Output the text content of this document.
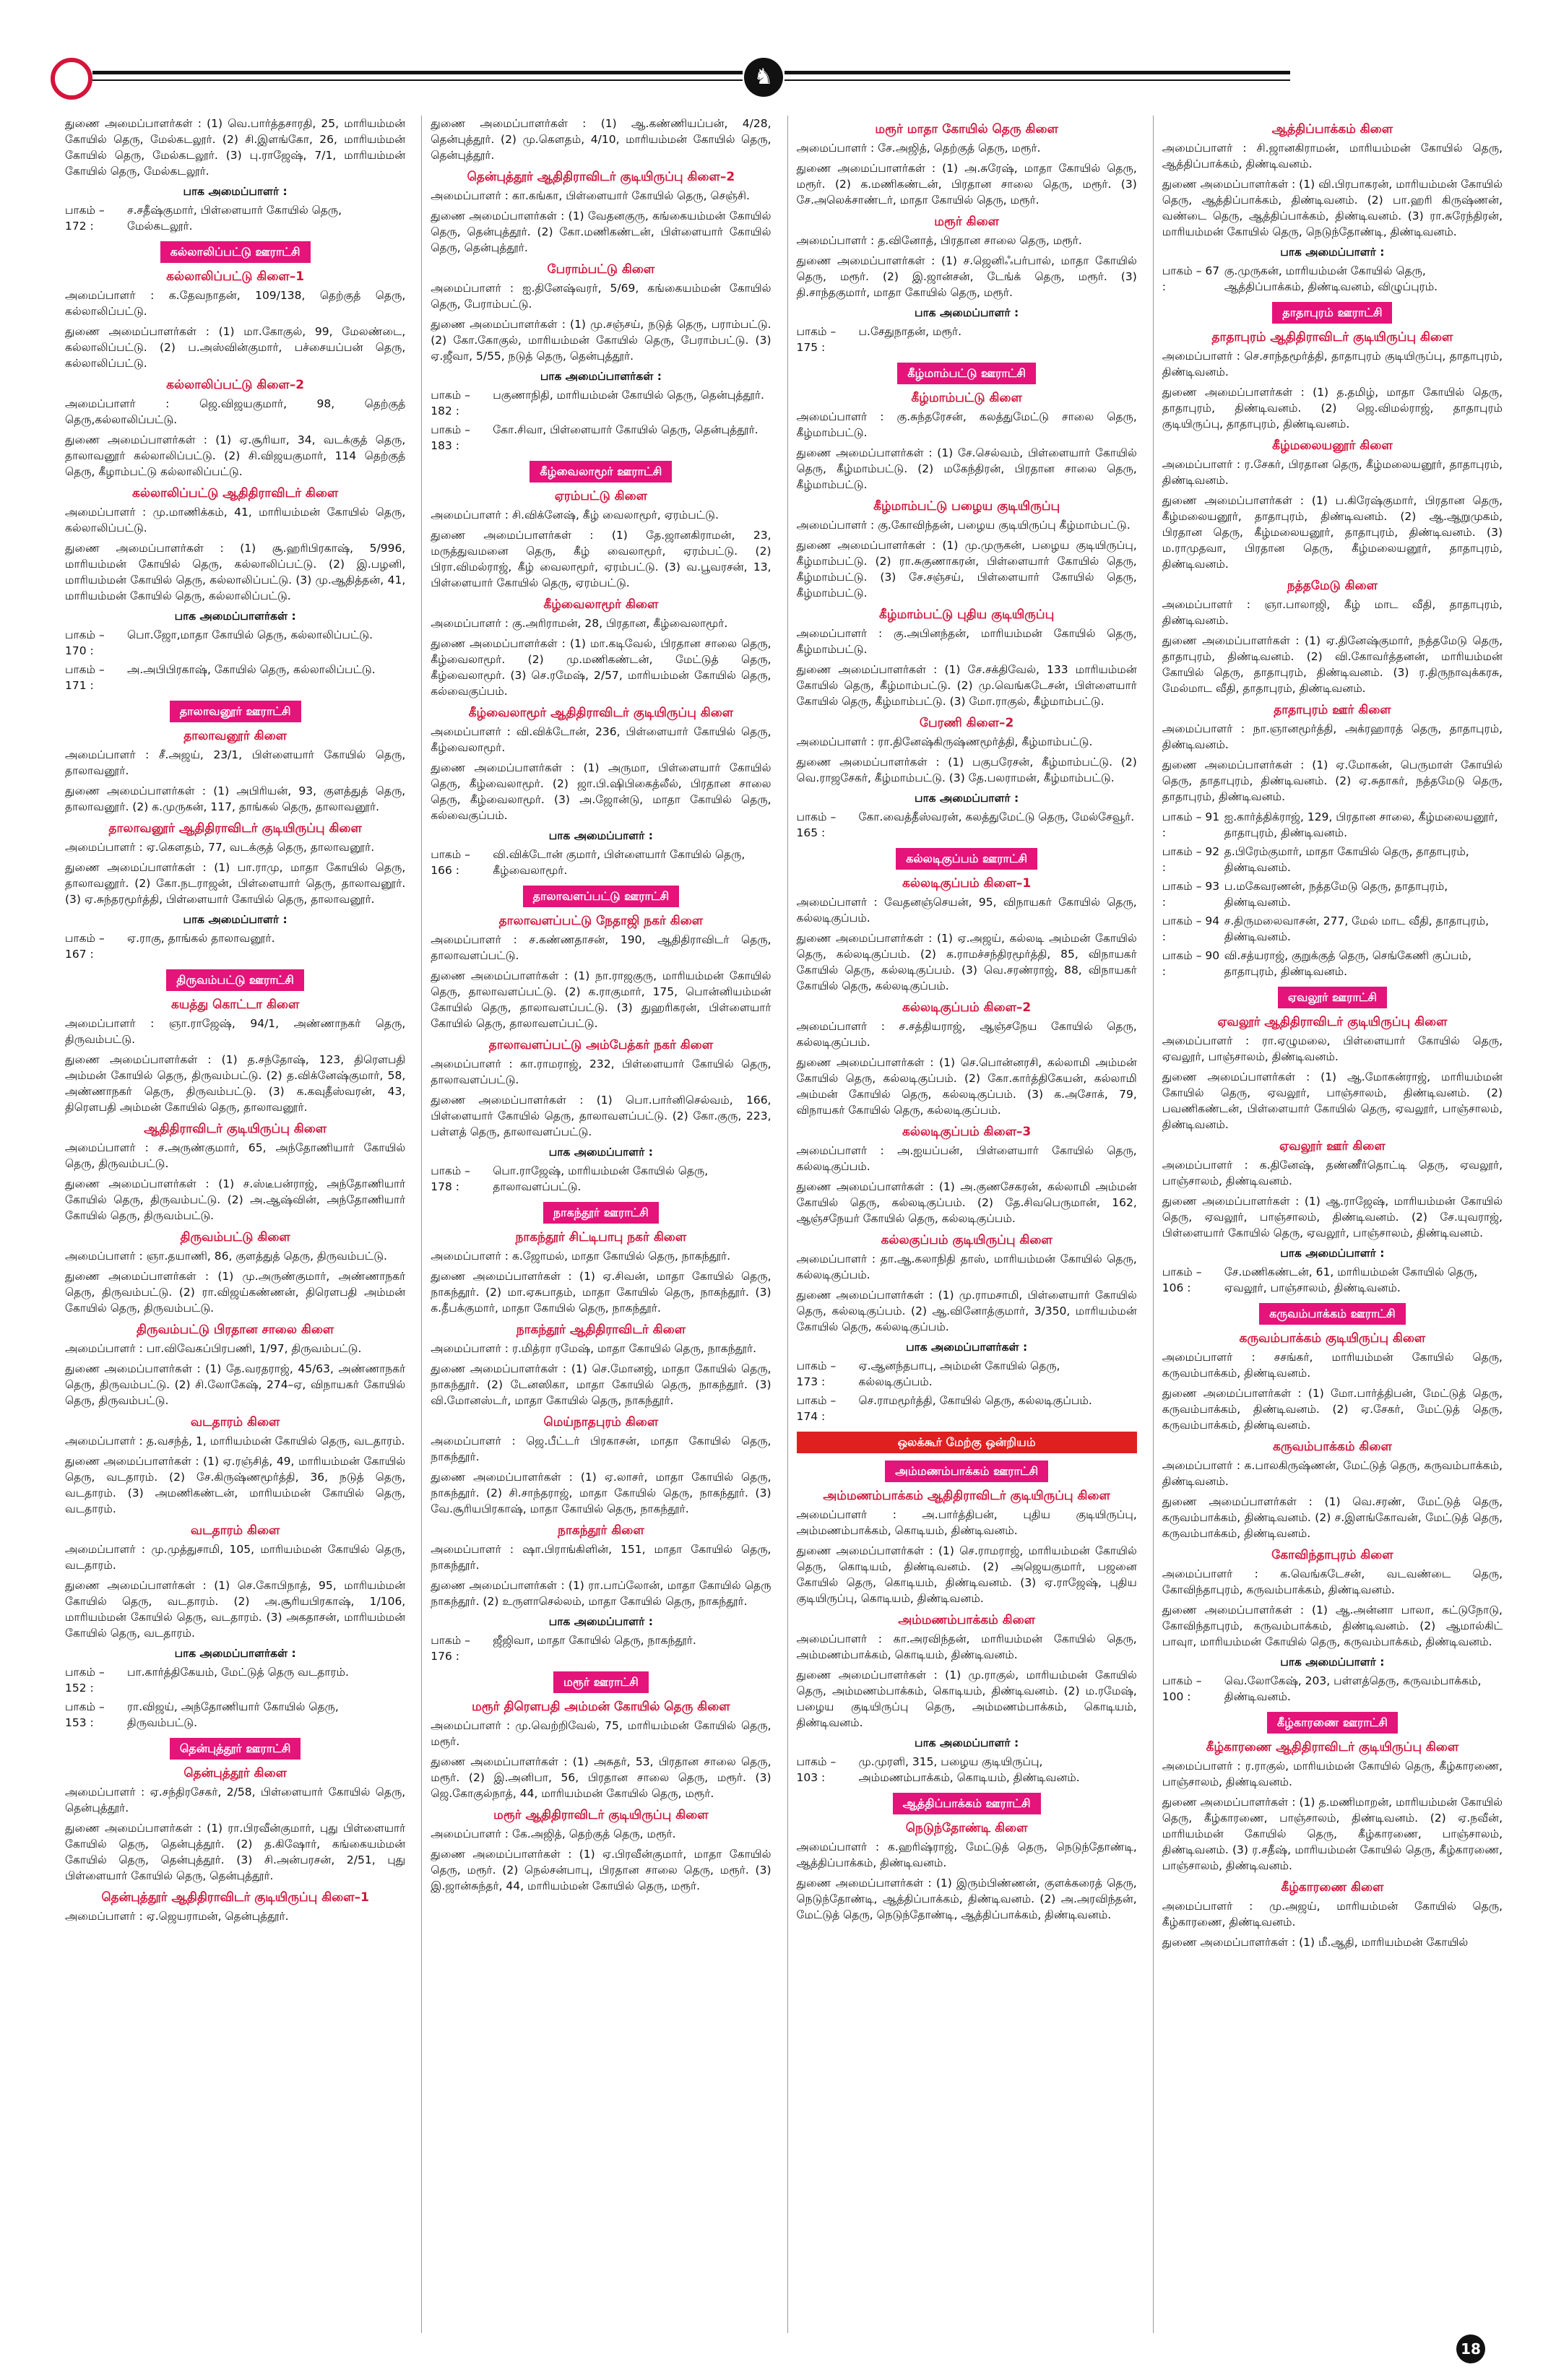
♞

துணை அமைப்பாளர்கள் : (1) வெ.பார்த்தசாரதி, 25, மாரியம்மன் கோயில் தெரு, மேல்கடலூர். (2) சி.இளங்கோ, 26, மாரியம்மன் கோயில் தெரு, மேல்கடலூர். (3) பு.ராஜேஷ், 7/1, மாரியம்மன் கோயில் தெரு, மேல்கடலூர்.

பாக அமைப்பாளர் :
பாகம் – 172 :
ச.சதீஷ்குமார், பிள்ளையார் கோயில் தெரு, மேல்கடலூர்.
கல்லாலிப்பட்டு ஊராட்சி
கல்லாலிப்பட்டு கிளை–1

அமைப்பாளர் : க.தேவநாதன், 109/138, தெற்குத் தெரு, கல்லாலிப்பட்டு.

துணை அமைப்பாளர்கள் : (1) மா.கோகுல், 99, மேலண்டை, கல்லாலிப்பட்டு. (2) ப.அஸ்வின்குமார், பச்சையப்பன் தெரு, கல்லாலிப்பட்டு.

கல்லாலிப்பட்டு கிளை–2

அமைப்பாளர் : ஜெ.விஜயகுமார், 98, தெற்குத் தெரு,கல்லாலிப்பட்டு.

துணை அமைப்பாளர்கள் : (1) ஏ.சூரியா, 34, வடக்குத் தெரு, தாலாவனூர் கல்லாலிப்பட்டு. (2) சி.விஜயகுமார், 114 தெற்குத் தெரு, கீழாம்பட்டு கல்லாலிப்பட்டு.

கல்லாலிப்பட்டு ஆதிதிராவிடர் கிளை

அமைப்பாளர் : மு.மாணிக்கம், 41, மாரியம்மன் கோயில் தெரு, கல்லாலிப்பட்டு.

துணை அமைப்பாளர்கள் : (1) சூ.ஹரிபிரகாஷ், 5/996, மாரியம்மன் கோயில் தெரு, கல்லாலிப்பட்டு. (2) இ.பழனி, மாரியம்மன் கோயில் தெரு, கல்லாலிப்பட்டு. (3) மு.ஆதித்தன், 41, மாரியம்மன் கோயில் தெரு, கல்லாலிப்பட்டு.

பாக அமைப்பாளர்கள் :
பாகம் – 170 :
பொ.ஜோ,மாதா கோயில் தெரு, கல்லாலிப்பட்டு.
பாகம் – 171 :
அ.அபிபிரகாஷ், கோயில் தெரு, கல்லாலிப்பட்டு.
தாலாவனூர் ஊராட்சி
தாலாவனூர் கிளை

அமைப்பாளர் : சீ.அஜய், 23/1, பிள்ளையார் கோயில் தெரு, தாலாவனூர்.

துணை அமைப்பாளர்கள் : (1) அபிரியன், 93, குளத்துத் தெரு, தாலாவனூர். (2) க.முருகன், 117, தாங்கல் தெரு, தாலாவனூர்.

தாலாவனூர் ஆதிதிராவிடர் குடியிருப்பு கிளை

அமைப்பாளர் : ஏ.கௌதம், 77, வடக்குத் தெரு, தாலாவனூர்.

துணை அமைப்பாளர்கள் : (1) பா.ராமு, மாதா கோயில் தெரு, தாலாவனூர். (2) கோ.நடராஜன், பிள்ளையார் தெரு, தாலாவனூர். (3) ஏ.சுந்தரமூர்த்தி, பிள்ளையார் கோயில் தெரு, தாலாவனூர்.

பாக அமைப்பாளர் :
பாகம் – 167 :
ஏ.ராகு, தாங்கல் தாலாவனூர்.
திருவம்பட்டு ஊராட்சி
கயத்து கொட்டா கிளை

அமைப்பாளர் : ஞா.ராஜேஷ், 94/1, அண்ணாநகர் தெரு, திருவம்பட்டு.

துணை அமைப்பாளர்கள் : (1) த.சந்தோஷ், 123, திரௌபதி அம்மன் கோயில் தெரு, திருவம்பட்டு. (2) த.விக்னேஷ்குமார், 58, அண்ணாநகர் தெரு, திருவம்பட்டு. (3) க.கவுதீஸ்வரன், 43, திரௌபதி அம்மன் கோயில் தெரு, தாலாவனூர்.

ஆதிதிராவிடர் குடியிருப்பு கிளை

அமைப்பாளர் : ச.அருண்குமார், 65, அந்தோணியார் கோயில் தெரு, திருவம்பட்டு.

துணை அமைப்பாளர்கள் : (1) ச.ஸ்டீபன்ராஜ், அந்தோணியார் கோயில் தெரு, திருவம்பட்டு. (2) அ.ஆஷ்வின், அந்தோணியார் கோயில் தெரு, திருவம்பட்டு.

திருவம்பட்டு கிளை

அமைப்பாளர் : ஞா.தயாணி, 86, குளத்துத் தெரு, திருவம்பட்டு.

துணை அமைப்பாளர்கள் : (1) மு.அருண்குமார், அண்ணாநகர் தெரு, திருவம்பட்டு. (2) ரா.விஜய்கண்ணன், திரௌபதி அம்மன் கோயில் தெரு, திருவம்பட்டு.

திருவம்பட்டு பிரதான சாலை கிளை

அமைப்பாளர் : பா.விவேகப்பிரபணி, 1/97, திருவம்பட்டு.

துணை அமைப்பாளர்கள் : (1) தே.வரதராஜ், 45/63, அண்ணாநகர் தெரு, திருவம்பட்டு. (2) சி.லோகேஷ், 274–ஏ, விநாயகர் கோயில் தெரு, திருவம்பட்டு.

வடதாரம் கிளை

அமைப்பாளர் : த.வசந்த், 1, மாரியம்மன் கோயில் தெரு, வடதாரம்.

துணை அமைப்பாளர்கள் : (1) ஏ.ரஞ்சித், 49, மாரியம்மன் கோயில் தெரு, வடதாரம். (2) சே.கிருஷ்ணமூர்த்தி, 36, நடுத் தெரு, வடதாரம். (3) அமணிகண்டன், மாரியம்மன் கோயில் தெரு, வடதாரம்.

வடதாரம் கிளை

அமைப்பாளர் : மு.முத்துசாமி, 105, மாரியம்மன் கோயில் தெரு, வடதாரம்.

துணை அமைப்பாளர்கள் : (1) செ.கோபிநாத், 95, மாரியம்மன் கோயில் தெரு, வடதாரம். (2) அ.சூரியபிரகாஷ், 1/106, மாரியம்மன் கோயில் தெரு, வடதாரம். (3) அகதாசன், மாரியம்மன் கோயில் தெரு, வடதாரம்.

பாக அமைப்பாளர்கள் :
பாகம் – 152 :
பா.கார்த்திகேயம், மேட்டுத் தெரு வடதாரம்.
பாகம் – 153 :
ரா.விஜய், அந்தோணியார் கோயில் தெரு, திருவம்பட்டு.
தென்புத்தூர் ஊராட்சி
தென்புத்தூர் கிளை

அமைப்பாளர் : ஏ.சந்திரசேகர், 2/58, பிள்ளையார் கோயில் தெரு, தென்புத்தூர்.

துணை அமைப்பாளர்கள் : (1) ரா.பிரவீன்குமார், புது பிள்ளையார் கோயில் தெரு, தென்புத்தூர். (2) த.கிஷோர், கங்கையம்மன் கோயில் தெரு, தென்புத்தூர். (3) சி.அன்பரசன், 2/51, புது பிள்ளையார் கோயில் தெரு, தென்புத்தூர்.

தென்புத்தூர் ஆதிதிராவிடர் குடியிருப்பு கிளை–1

அமைப்பாளர் : ஏ.ஜெயராமன், தென்புத்தூர்.

துணை அமைப்பாளர்கள் : (1) ஆ.கண்ணியப்பன், 4/28, தென்புத்தூர். (2) மு.கௌதம், 4/10, மாரியம்மன் கோயில் தெரு, தென்புத்தூர்.

தென்புத்தூர் ஆதிதிராவிடர் குடியிருப்பு கிளை–2

அமைப்பாளர் : கா.கங்கா, பிள்ளையார் கோயில் தெரு, செஞ்சி.

துணை அமைப்பாளர்கள் : (1) வேதனகுரு, கங்கையம்மன் கோயில் தெரு, தென்புத்தூர். (2) கோ.மணிகண்டன், பிள்ளையார் கோயில் தெரு, தென்புத்தூர்.

பேராம்பட்டு கிளை

அமைப்பாளர் : ஐ.தினேஷ்வரர், 5/69, கங்கையம்மன் கோயில் தெரு, பேராம்பட்டு.

துணை அமைப்பாளர்கள் : (1) மு.சஞ்சய், நடுத் தெரு, பராம்பட்டு. (2) கோ.கோகுல், மாரியம்மன் கோயில் தெரு, பேராம்பட்டு. (3) ஏ.ஜீவா, 5/55, நடுத் தெரு, தென்புத்தூர்.

பாக அமைப்பாளர்கள் :
பாகம் – 182 :
பகுணாநிதி, மாரியம்மன் கோயில் தெரு, தென்புத்தூர்.
பாகம் – 183 :
கோ.சிவா, பிள்ளையார் கோயில் தெரு, தென்புத்தூர்.
கீழ்வைலாமூர் ஊராட்சி
ஏரம்பட்டு கிளை

அமைப்பாளர் : சி.விக்னேஷ், கீழ் வைலாமூர், ஏரம்பட்டு.

துணை அமைப்பாளர்கள் : (1) தே.ஜானகிராமன், 23, மருத்துவமனை தெரு, கீழ் வைலாமூர், ஏரம்பட்டு. (2) பிரா.விமல்ராஜ், கீழ் வைலாமூர், ஏரம்பட்டு. (3) வ.பூவரசன், 13, பிள்ளையார் கோயில் தெரு, ஏரம்பட்டு.

கீழ்வைலாமூர் கிளை

அமைப்பாளர் : கு.அரிராமன், 28, பிரதான, கீழ்வைலாமூர்.

துணை அமைப்பாளர்கள் : (1) மா.கடிவேல், பிரதான சாலை தெரு, கீழ்வைலாமூர். (2) மு.மணிகண்டன், மேட்டுத் தெரு, கீழ்வைலாமூர். (3) செ.ரமேஷ், 2/57, மாரியம்மன் கோயில் தெரு, கல்வைகுப்பம்.

கீழ்வைலாமூர் ஆதிதிராவிடர் குடியிருப்பு கிளை

அமைப்பாளர் : வி.விக்டோன், 236, பிள்ளையார் கோயில் தெரு, கீழ்வைலாமூர்.

துணை அமைப்பாளர்கள் : (1) அருமா, பிள்ளையார் கோயில் தெரு, கீழ்வைலாமூர். (2) ஜா.பி.ஷிபிகைத்லீல், பிரதான சாலை தெரு, கீழ்வைலாமூர். (3) அ.ஜோன்டு, மாதா கோயில் தெரு, கல்வைகுப்பம்.

பாக அமைப்பாளர் :
பாகம் – 166 :
வி.விக்டோன் குமார், பிள்ளையார் கோயில் தெரு, கீழ்வைலாமூர்.
தாலாவளப்பட்டு ஊராட்சி
தாலாவளப்பட்டு நேதாஜி நகர் கிளை

அமைப்பாளர் : ச.கண்ணதாசன், 190, ஆதிதிராவிடர் தெரு, தாலாவளப்பட்டு.

துணை அமைப்பாளர்கள் : (1) நா.ராஜகுரு, மாரியம்மன் கோயில் தெரு, தாலாவளப்பட்டு. (2) க.ராகுமார், 175, பொன்னியம்மன் கோயில் தெரு, தாலாவளப்பட்டு. (3) துஹரிகரன், பிள்ளையார் கோயில் தெரு, தாலாவளப்பட்டு.

தாலாவளப்பட்டு அம்பேத்கர் நகர் கிளை

அமைப்பாளர் : கா.ராமராஜ், 232, பிள்ளையார் கோயில் தெரு, தாலாவளப்பட்டு.

துணை அமைப்பாளர்கள் : (1) பொ.பார்னிசெல்வம், 166, பிள்ளையார் கோயில் தெரு, தாலாவளப்பட்டு. (2) கோ.குரு, 223, பள்ளத் தெரு, தாலாவளப்பட்டு.

பாக அமைப்பாளர் :
பாகம் – 178 :
பொ.ராஜேஷ், மாரியம்மன் கோயில் தெரு, தாலாவளப்பட்டு.
நாகந்தூர் ஊராட்சி
நாகந்தூர் சிட்டிபாபு நகர் கிளை

அமைப்பாளர் : க.ஜோமல், மாதா கோயில் தெரு, நாகந்தூர்.

துணை அமைப்பாளர்கள் : (1) ஏ.சிவன், மாதா கோயில் தெரு, நாகந்தூர். (2) மா.ஏசுபாதம், மாதா கோயில் தெரு, நாகந்தூர். (3) க.தீபக்குமார், மாதா கோயில் தெரு, நாகந்தூர்.

நாகந்தூர் ஆதிதிராவிடர் கிளை

அமைப்பாளர் : ர.மித்ரா ரமேஷ், மாதா கோயில் தெரு, நாகந்தூர்.

துணை அமைப்பாளர்கள் : (1) செ.மோனஜ், மாதா கோயில் தெரு, நாகந்தூர். (2) டேனஸிகா, மாதா கோயில் தெரு, நாகந்தூர். (3) வி.மோனஸ்டர், மாதா கோயில் தெரு, நாகந்தூர்.

மெய்நாதபுரம் கிளை

அமைப்பாளர் : ஜெ.பீட்டர் பிரகாசன், மாதா கோயில் தெரு, நாகந்தூர்.

துணை அமைப்பாளர்கள் : (1) ஏ.லாசர், மாதா கோயில் தெரு, நாகந்தூர். (2) சி.சாந்தராஜ், மாதா கோயில் தெரு, நாகந்தூர். (3) வே.சூரியபிரகாஷ், மாதா கோயில் தெரு, நாகந்தூர்.

நாகந்தூர் கிளை

அமைப்பாளர் : ஷா.பிராங்கிளின், 151, மாதா கோயில் தெரு, நாகந்தூர்.

துணை அமைப்பாளர்கள் : (1) ரா.பாப்லோன், மாதா கோயில் தெரு நாகந்தூர். (2) உருளாசெல்லம், மாதா கோயில் தெரு, நாகந்தூர்.

பாக அமைப்பாளர் :
பாகம் – 176 :
ஜீஜிவா, மாதா கோயில் தெரு, நாகந்தூர்.
மரூர் ஊராட்சி
மரூர் திரௌபதி அம்மன் கோயில் தெரு கிளை

அமைப்பாளர் : மு.வெற்றிவேல், 75, மாரியம்மன் கோயில் தெரு, மரூர்.

துணை அமைப்பாளர்கள் : (1) அசுதர், 53, பிரதான சாலை தெரு, மரூர். (2) இ.அனிபா, 56, பிரதான சாலை தெரு, மரூர். (3) ஜெ.கோகுல்நாத், 44, மாரியம்மன் கோயில் தெரு, மரூர்.

மரூர் ஆதிதிராவிடர் குடியிருப்பு கிளை

அமைப்பாளர் : கே.அஜித், தெற்குத் தெரு, மரூர்.

துணை அமைப்பாளர்கள் : (1) ஏ.பிரவீன்குமார், மாதா கோயில் தெரு, மரூர். (2) நெல்சன்பாபு, பிரதான சாலை தெரு, மரூர். (3) இ.ஜான்சுந்தர், 44, மாரியம்மன் கோயில் தெரு, மரூர்.

மரூர் மாதா கோயில் தெரு கிளை

அமைப்பாளர் : சே.அஜித், தெற்குத் தெரு, மரூர்.

துணை அமைப்பாளர்கள் : (1) அ.சுரேஷ், மாதா கோயில் தெரு, மரூர். (2) க.மணிகண்டன், பிரதான சாலை தெரு, மரூர். (3) சே.அலெக்சாண்டர், மாதா கோயில் தெரு, மரூர்.

மரூர் கிளை

அமைப்பாளர் : த.வினோத், பிரதான சாலை தெரு, மரூர்.

துணை அமைப்பாளர்கள் : (1) ச.ஜெனிஃபர்பால், மாதா கோயில் தெரு, மரூர். (2) இ.ஜான்சன், டேங்க் தெரு, மரூர். (3) தி.சாந்தகுமார், மாதா கோயில் தெரு, மரூர்.

பாக அமைப்பாளர் :
பாகம் – 175 :
ப.சேதுநாதன், மரூர்.
கீழ்மாம்பட்டு ஊராட்சி
கீழ்மாம்பட்டு கிளை

அமைப்பாளர் : கு.சுந்தரேசன், கலத்துமேட்டு சாலை தெரு, கீழ்மாம்பட்டு.

துணை அமைப்பாளர்கள் : (1) சே.செல்வம், பிள்ளையார் கோயில் தெரு, கீழ்மாம்பட்டு. (2) மகேந்திரன், பிரதான சாலை தெரு, கீழ்மாம்பட்டு.

கீழ்மாம்பட்டு பழைய குடியிருப்பு

அமைப்பாளர் : கு.கோவிந்தன், பழைய குடியிருப்பு கீழ்மாம்பட்டு.

துணை அமைப்பாளர்கள் : (1) மு.முருகன், பழைய குடியிருப்பு, கீழ்மாம்பட்டு. (2) ரா.சுகுணாகரன், பிள்ளையார் கோயில் தெரு, கீழ்மாம்பட்டு. (3) சே.சஞ்சய், பிள்ளையார் கோயில் தெரு, கீழ்மாம்பட்டு.

கீழ்மாம்பட்டு புதிய குடியிருப்பு

அமைப்பாளர் : கு.அபினந்தன், மாரியம்மன் கோயில் தெரு, கீழ்மாம்பட்டு.

துணை அமைப்பாளர்கள் : (1) சே.சக்திவேல், 133 மாரியம்மன் கோயில் தெரு, கீழ்மாம்பட்டு. (2) மு.வெங்கடேசன், பிள்ளையார் கோயில் தெரு, கீழ்மாம்பட்டு. (3) மோ.ராகுல், கீழ்மாம்பட்டு.

பேரணி கிளை–2

அமைப்பாளர் : ரா.தினேஷ்கிருஷ்ணமூர்த்தி, கீழ்மாம்பட்டு.

துணை அமைப்பாளர்கள் : (1) பகுபரேசன், கீழ்மாம்பட்டு. (2) வெ.ராஜசேகர், கீழ்மாம்பட்டு. (3) தே.பலராமன், கீழ்மாம்பட்டு.

பாக அமைப்பாளர் :
பாகம் – 165 :
கோ.வைத்தீஸ்வரன், கலத்துமேட்டு தெரு, மேல்சேவூர்.
கல்லடிகுப்பம் ஊராட்சி
கல்லடிகுப்பம் கிளை–1

அமைப்பாளர் : வேதனஞ்செயன், 95, விநாயகர் கோயில் தெரு, கல்லடிகுப்பம்.

துணை அமைப்பாளர்கள் : (1) ஏ.அஜய், கல்லடி அம்மன் கோயில் தெரு, கல்லடிகுப்பம். (2) க.ராமச்சந்திரமூர்த்தி, 85, விநாயகர் கோயில் தெரு, கல்லடிகுப்பம். (3) வெ.சரண்ராஜ், 88, விநாயகர் கோயில் தெரு, கல்லடிகுப்பம்.

கல்லடிகுப்பம் கிளை–2

அமைப்பாளர் : ச.சத்தியராஜ், ஆஞ்சநேய கோயில் தெரு, கல்லடிகுப்பம்.

துணை அமைப்பாளர்கள் : (1) செ.பொன்னரசி, கல்லாமி அம்மன் கோயில் தெரு, கல்லடிகுப்பம். (2) கோ.கார்த்திகேயன், கல்லாமி அம்மன் கோயில் தெரு, கல்லடிகுப்பம். (3) க.அசோக், 79, விநாயகர் கோயில் தெரு, கல்லடிகுப்பம்.

கல்லடிகுப்பம் கிளை–3

அமைப்பாளர் : அ.ஐயப்பன், பிள்ளையார் கோயில் தெரு, கல்லடிகுப்பம்.

துணை அமைப்பாளர்கள் : (1) அ.குணசேகரன், கல்லாமி அம்மன் கோயில் தெரு, கல்லடிகுப்பம். (2) தே.சிவபெருமான், 162, ஆஞ்சநேயர் கோயில் தெரு, கல்லடிகுப்பம்.

கல்லகுப்பம் குடியிருப்பு கிளை

அமைப்பாளர் : தா.ஆ.கலாநிதி தாஸ், மாரியம்மன் கோயில் தெரு, கல்லடிகுப்பம்.

துணை அமைப்பாளர்கள் : (1) மு.ராமசாமி, பிள்ளையார் கோயில் தெரு, கல்லடிகுப்பம். (2) ஆ.வினோத்குமார், 3/350, மாரியம்மன் கோயில் தெரு, கல்லடிகுப்பம்.

பாக அமைப்பாளர்கள் :
பாகம் – 173 :
ஏ.ஆனந்தபாபு, அம்மன் கோயில் தெரு, கல்லடிகுப்பம்.
பாகம் – 174 :
செ.ராமமூர்த்தி, கோயில் தெரு, கல்லடிகுப்பம்.
ஒலக்கூர் மேற்கு ஒன்றியம்
அம்மணம்பாக்கம் ஊராட்சி
அம்மணம்பாக்கம் ஆதிதிராவிடர் குடியிருப்பு கிளை

அமைப்பாளர் : அ.பார்த்திபன், புதிய குடியிருப்பு, அம்மணம்பாக்கம், கொடியம், திண்டிவனம்.

துணை அமைப்பாளர்கள் : (1) செ.ராமராஜ், மாரியம்மன் கோயில் தெரு, கொடியம், திண்டிவனம். (2) அஜெயகுமார், பஜனை கோயில் தெரு, கொடியம், திண்டிவனம். (3) ஏ.ராஜேஷ், புதிய குடியிருப்பு, கொடியம், திண்டிவனம்.

அம்மணம்பாக்கம் கிளை

அமைப்பாளர் : கா.அரவிந்தன், மாரியம்மன் கோயில் தெரு, அம்மணம்பாக்கம், கொடியம், திண்டிவனம்.

துணை அமைப்பாளர்கள் : (1) மு.ராகுல், மாரியம்மன் கோயில் தெரு, அம்மணம்பாக்கம், கொடியம், திண்டிவனம். (2) ம.ரமேஷ், பழைய குடியிருப்பு தெரு, அம்மணம்பாக்கம், கொடியம், திண்டிவனம்.

பாக அமைப்பாளர் :
பாகம் – 103 :
மு.முரளி, 315, பழைய குடியிருப்பு, அம்மணம்பாக்கம், கொடியம், திண்டிவனம்.
ஆத்திப்பாக்கம் ஊராட்சி
நெடுந்தோண்டி கிளை

அமைப்பாளர் : க.ஹரிஷ்ராஜ், மேட்டுத் தெரு, நெடுந்தோண்டி, ஆத்திப்பாக்கம், திண்டிவனம்.

துணை அமைப்பாளர்கள் : (1) இரும்பிண்ணன், குளக்கரைத் தெரு, நெடுந்தோண்டி, ஆத்திப்பாக்கம், திண்டிவனம். (2) அ.அரவிந்தன், மேட்டுத் தெரு, நெடுந்தோண்டி, ஆத்திப்பாக்கம், திண்டிவனம்.

ஆத்திப்பாக்கம் கிளை

அமைப்பாளர் : சி.ஜானகிராமன், மாரியம்மன் கோயில் தெரு, ஆத்திப்பாக்கம், திண்டிவனம்.

துணை அமைப்பாளர்கள் : (1) வி.பிரபாகரன், மாரியம்மன் கோயில் தெரு, ஆத்திப்பாக்கம், திண்டிவனம். (2) பா.ஹரி கிருஷ்ணன், வண்டை தெரு, ஆத்திப்பாக்கம், திண்டிவனம். (3) ரா.சுரேந்திரன், மாரியம்மன் கோயில் தெரு, நெடுந்தோண்டி, திண்டிவனம்.

பாக அமைப்பாளர் :
பாகம் – 67 :
கு.முருகன், மாரியம்மன் கோயில் தெரு, ஆத்திப்பாக்கம், திண்டிவனம், விழுப்புரம்.
தாதாபுரம் ஊராட்சி
தாதாபுரம் ஆதிதிராவிடர் குடியிருப்பு கிளை

அமைப்பாளர் : செ.சாந்தமூர்த்தி, தாதாபுரம் குடியிருப்பு, தாதாபுரம், திண்டிவனம்.

துணை அமைப்பாளர்கள் : (1) த.தமிழ், மாதா கோயில் தெரு, தாதாபுரம், திண்டிவனம். (2) ஜெ.விமல்ராஜ், தாதாபுரம் குடியிருப்பு, தாதாபுரம், திண்டிவனம்.

கீழ்மலையனூர் கிளை

அமைப்பாளர் : ர.சேகர், பிரதான தெரு, கீழ்மலையனூர், தாதாபுரம், திண்டிவனம்.

துணை அமைப்பாளர்கள் : (1) ப.கிரேஷ்குமார், பிரதான தெரு, கீழ்மலையனூர், தாதாபுரம், திண்டிவனம். (2) ஆ.ஆறுமுகம், பிரதான தெரு, கீழ்மலையனூர், தாதாபுரம், திண்டிவனம். (3) ம.ராமுதவா, பிரதான தெரு, கீழ்மலையனூர், தாதாபுரம், திண்டிவனம்.

நத்தமேடு கிளை

அமைப்பாளர் : ஞா.பாலாஜி, கீழ் மாட வீதி, தாதாபுரம், திண்டிவனம்.

துணை அமைப்பாளர்கள் : (1) ஏ.தினேஷ்குமார், நத்தமேடு தெரு, தாதாபுரம், திண்டிவனம். (2) வி.கோவர்த்தனன், மாரியம்மன் கோயில் தெரு, தாதாபுரம், திண்டிவனம். (3) ர.திருநாவுக்கரசு, மேல்மாட வீதி, தாதாபுரம், திண்டிவனம்.

தாதாபுரம் ஊர் கிளை

அமைப்பாளர் : நா.ஞானமூர்த்தி, அக்ரஹாரத் தெரு, தாதாபுரம், திண்டிவனம்.

துணை அமைப்பாளர்கள் : (1) ஏ.மோகன், பெருமாள் கோயில் தெரு, தாதாபுரம், திண்டிவனம். (2) ஏ.சுதாகர், நத்தமேடு தெரு, தாதாபுரம், திண்டிவனம்.

பாகம் – 91 :
ஐ.கார்த்திக்ராஜ், 129, பிரதான சாலை, கீழ்மலையனூர், தாதாபுரம், திண்டிவனம்.
பாகம் – 92 :
த.பிரேம்குமார், மாதா கோயில் தெரு, தாதாபுரம், திண்டிவனம்.
பாகம் – 93 :
ப.மகேவரணன், நத்தமேடு தெரு, தாதாபுரம், திண்டிவனம்.
பாகம் – 94 :
ச.திருமலைவாசன், 277, மேல் மாட வீதி, தாதாபுரம், திண்டிவனம்.
பாகம் – 90 :
வி.சத்யராஜ், குறுக்குத் தெரு, செங்கேணி குப்பம், தாதாபுரம், திண்டிவனம்.
ஏவலூர் ஊராட்சி
ஏவலூர் ஆதிதிராவிடர் குடியிருப்பு கிளை

அமைப்பாளர் : ரா.ஏழுமலை, பிள்ளையார் கோயில் தெரு, ஏவலூர், பாஞ்சாலம், திண்டிவனம்.

துணை அமைப்பாளர்கள் : (1) ஆ.மோகன்ராஜ், மாரியம்மன் கோயில் தெரு, ஏவலூர், பாஞ்சாலம், திண்டிவனம். (2) பவணிகண்டன், பிள்ளையார் கோயில் தெரு, ஏவலூர், பாஞ்சாலம், திண்டிவனம்.

ஏவலூர் ஊர் கிளை

அமைப்பாளர் : க.தினேஷ், தண்ணீர்தொட்டி தெரு, ஏவலூர், பாஞ்சாலம், திண்டிவனம்.

துணை அமைப்பாளர்கள் : (1) ஆ.ராஜேஷ், மாரியம்மன் கோயில் தெரு, ஏவலூர், பாஞ்சாலம், திண்டிவனம். (2) சே.யுவராஜ், பிள்ளையார் கோயில் தெரு, ஏவலூர், பாஞ்சாலம், திண்டிவனம்.

பாக அமைப்பாளர் :
பாகம் – 106 :
சே.மணிகண்டன், 61, மாரியம்மன் கோயில் தெரு, ஏவலூர், பாஞ்சாலம், திண்டிவனம்.
கருவம்பாக்கம் ஊராட்சி
கருவம்பாக்கம் குடியிருப்பு கிளை

அமைப்பாளர் : சசங்கர், மாரியம்மன் கோயில் தெரு, கருவம்பாக்கம், திண்டிவனம்.

துணை அமைப்பாளர்கள் : (1) மோ.பார்த்திபன், மேட்டுத் தெரு, கருவம்பாக்கம், திண்டிவனம். (2) ஏ.சேகர், மேட்டுத் தெரு, கருவம்பாக்கம், திண்டிவனம்.

கருவம்பாக்கம் கிளை

அமைப்பாளர் : க.பாலகிருஷ்ணன், மேட்டுத் தெரு, கருவம்பாக்கம், திண்டிவனம்.

துணை அமைப்பாளர்கள் : (1) வெ.சரண், மேட்டுத் தெரு, கருவம்பாக்கம், திண்டிவனம். (2) ச.இளங்கோவன், மேட்டுத் தெரு, கருவம்பாக்கம், திண்டிவனம்.

கோவிந்தாபுரம் கிளை

அமைப்பாளர் : க.வெங்கடேசன், வடவண்டை தெரு, கோவிந்தாபுரம், கருவம்பாக்கம், திண்டிவனம்.

துணை அமைப்பாளர்கள் : (1) ஆ.அன்னா பாலா, கட்டுநோடு, கோவிந்தாபுரம், கருவம்பாக்கம், திண்டிவனம். (2) ஆமால்கிட் பாவுா, மாரியம்மன் கோயில் தெரு, கருவம்பாக்கம், திண்டிவனம்.

பாக அமைப்பாளர் :
பாகம் – 100 :
வெ.லோகேஷ், 203, பள்ளத்தெரு, கருவம்பாக்கம், திண்டிவனம்.
கீழ்காரணை ஊராட்சி
கீழ்காரணை ஆதிதிராவிடர் குடியிருப்பு கிளை

அமைப்பாளர் : ர.ராகுல், மாரியம்மன் கோயில் தெரு, கீழ்காரணை, பாஞ்சாலம், திண்டிவனம்.

துணை அமைப்பாளர்கள் : (1) த.மணிமாறன், மாரியம்மன் கோயில் தெரு, கீழ்காரணை, பாஞ்சாலம், திண்டிவனம். (2) ஏ.நவீன், மாரியம்மன் கோயில் தெரு, கீழ்காரணை, பாஞ்சாலம், திண்டிவனம். (3) ர.சதீஷ், மாரியம்மன் கோயில் தெரு, கீழ்காரணை, பாஞ்சாலம், திண்டிவனம்.

கீழ்காரணை கிளை

அமைப்பாளர் : மு.அஜய், மாரியம்மன் கோயில் தெரு, கீழ்காரணை, திண்டிவனம்.

துணை அமைப்பாளர்கள் : (1) மீ.ஆதி, மாரியம்மன் கோயில்

18
